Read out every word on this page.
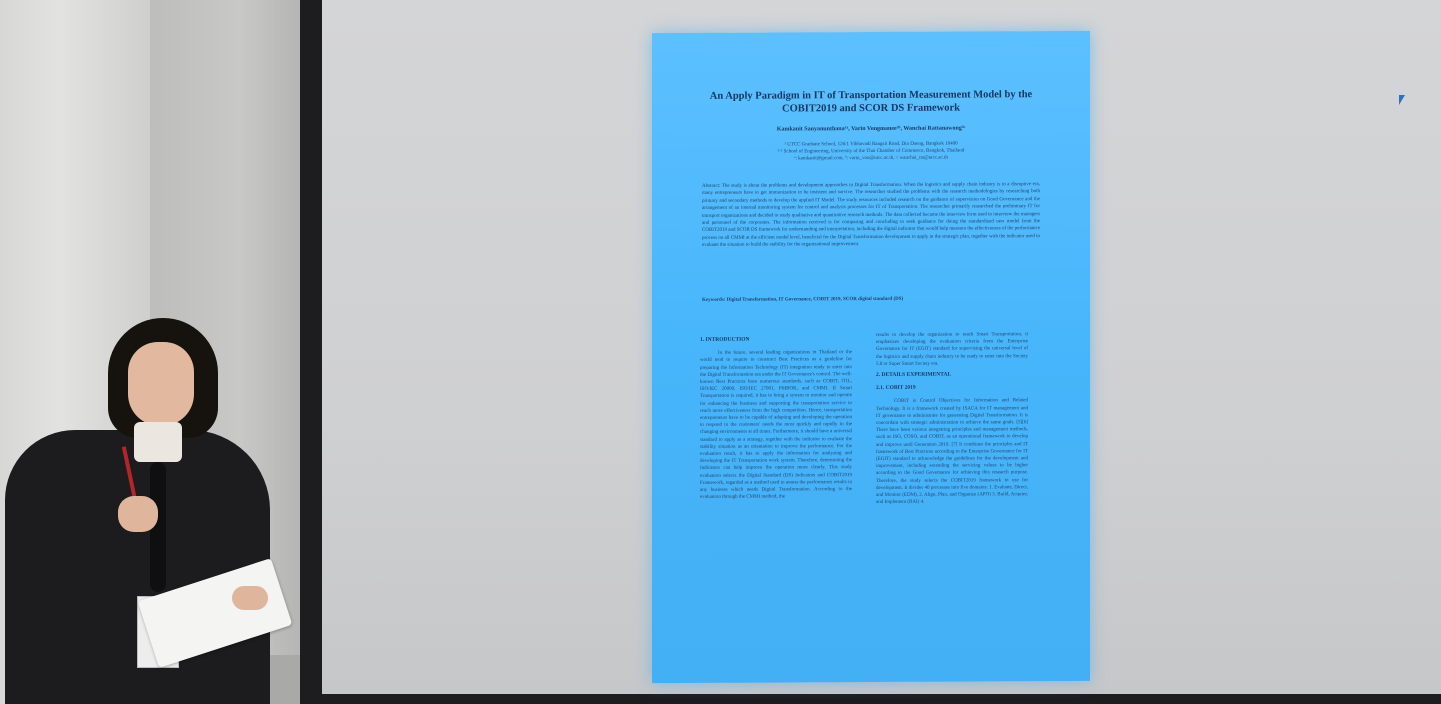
An Apply Paradigm in IT of Transportation Measurement Model by the COBIT2019 and SCOR DS Framework
Kamkanit Sanyanunthana¹ᵃ, Varin Vongmanee²ᵇ, Wanchai Rattanawong³ᶜ
¹ UTCC Graduate School, 126/1 Vibhavadi Rangsit Road, Din Daeng, Bangkok 10400
²·³ School of Engineering, University of the Thai Chamber of Commerce, Bangkok, Thailand
ᵃ: kamkanit@gmail.com, ᵇ: varin_von@utcc.ac.th, ᶜ: wanchai_rat@utcc.ac.th
Abstract: The study is about the problems and development approaches in Digital Transformation. When the logistics and supply chain industry is in a disruptive era, many entrepreneurs have to get immunization to be insistent and survive. The researcher studied the problems with the research methodologies by researching both primary and secondary methods to develop the applied IT Model. The study resources included research on the guidance of supervision on Good Governance and the arrangement of an internal monitoring system for control and analysis processes for IT of Transportation. The researcher primarily researched the preliminary IT for transport organizations and decided to study qualitative and quantitative research methods. The data collected became the interview form used to interview the managers and personnel of the corporates. The information received is for comparing and concluding to seek guidance for doing the standardized new model from the COBIT2019 and SCOR DS framework for understanding and interpretation, including the digital indicator that would help measure the effectiveness of the performance process on all CMMI at the efficient model level, beneficial for the Digital Transformation development to apply in the strategic plan, together with the indicator used to evaluate the situation to build the stability for the organizational improvement.
Keywords: Digital Transformation, IT Governance, COBIT 2019, SCOR digital standard (DS)
1. INTRODUCTION

In the future, several leading organizations in Thailand or the world tend to require to construct Best Practices as a guideline for preparing the Information Technology (IT) integration ready to enter into the Digital Transformation era under the IT Governance's control. The well-known Best Practices have numerous standards, such as COBIT, ITIL, ISO/IEC 20000, ISO/IEC 27001, PMBOK, and CMMI. If Smart Transportation is required, it has to bring a system to monitor and operate for enhancing the business and supporting the transportation service to reach more effectiveness from the high competition. Hence, transportation entrepreneurs have to be capable of adapting and developing the operation to respond to the customers' needs the most quickly and rapidly in the changing environments at all times. Furthermore, it should have a universal standard to apply as a strategy, together with the indicator to evaluate the stability situation as an orientation to improve the performance. For the evaluation result, it has to apply the information for analyzing and developing the IT Transportation work system. Therefore, determining the Indicators can help improve the operation more clearly. This study evaluation selects the Digital Standard (DS) Indicators and COBIT2019 Framework, regarded as a method used to assess the performance results in any business which needs Digital Transformation. According to the evaluation through the CMMI method, the

results to develop the organization to reach Smart Transportation, it emphasizes developing the evaluation criteria from the Enterprise Governance for IT (EGIT) standard for supervising the universal level of the logistics and supply chain industry to be ready to enter into the Society 5.0 or Super Smart Society era.

2. DETAILS EXPERIMENTAL
2.1. COBIT 2019

COBIT is Control Objectives for Information and Related Technology. It is a framework created by ISACA for IT management and IT governance to administrate for generating Digital Transformation. It is concordant with strategic administration to achieve the same goals. [5][6] There have been various integrating principles and management methods, such as ISO, COSO, and COBIT, as an operational framework to develop and improve until Generation 2019. [7] It combines the principles and IT framework of Best Practices according to the Enterprise Governance for IT (EGIT) standard to acknowledge the guidelines for the development and improvement, including extending the servicing values to be higher according to the Good Governance for achieving this research purpose. Therefore, the study selects the COBIT2019 framework to use for development. It divides 40 processes into five domains: 1. Evaluate, Direct, and Monitor (EDM), 2. Align, Plan, and Organize (APO) 3. Build, Acquire, and Implement (BAI) 4.
